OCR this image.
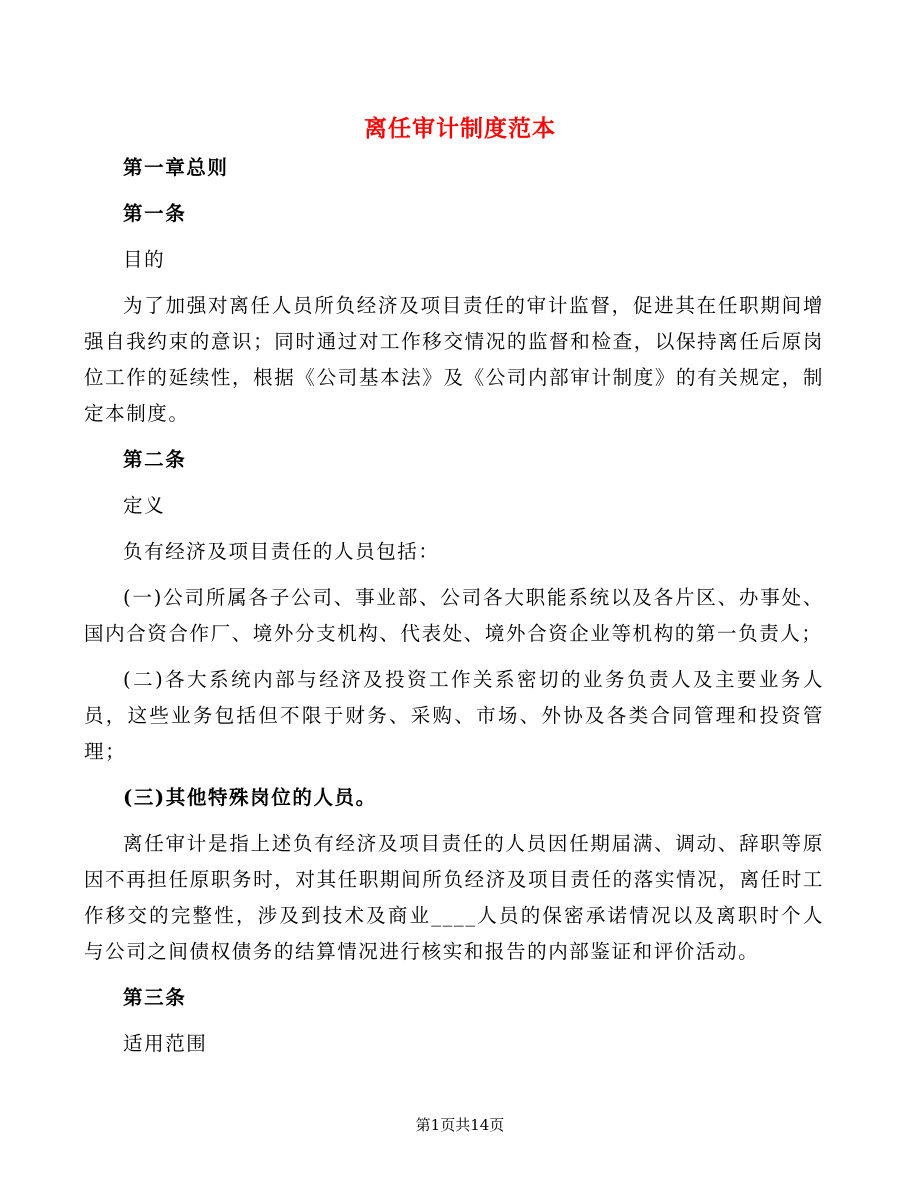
离任审计制度范本

第一章总则

第一条

目的

为了加强对离任人员所负经济及项目责任的审计监督，促进其在任职期间增强自我约束的意识；同时通过对工作移交情况的监督和检查，以保持离任后原岗位工作的延续性，根据《公司基本法》及《公司内部审计制度》的有关规定，制定本制度。

第二条

定义

负有经济及项目责任的人员包括：

(一)公司所属各子公司、事业部、公司各大职能系统以及各片区、办事处、国内合资合作厂、境外分支机构、代表处、境外合资企业等机构的第一负责人；

(二)各大系统内部与经济及投资工作关系密切的业务负责人及主要业务人员，这些业务包括但不限于财务、采购、市场、外协及各类合同管理和投资管理；

(三)其他特殊岗位的人员。

离任审计是指上述负有经济及项目责任的人员因任期届满、调动、辞职等原因不再担任原职务时，对其任职期间所负经济及项目责任的落实情况，离任时工作移交的完整性，涉及到技术及商业____人员的保密承诺情况以及离职时个人与公司之间债权债务的结算情况进行核实和报告的内部鉴证和评价活动。

第三条

适用范围

第1页共14页
